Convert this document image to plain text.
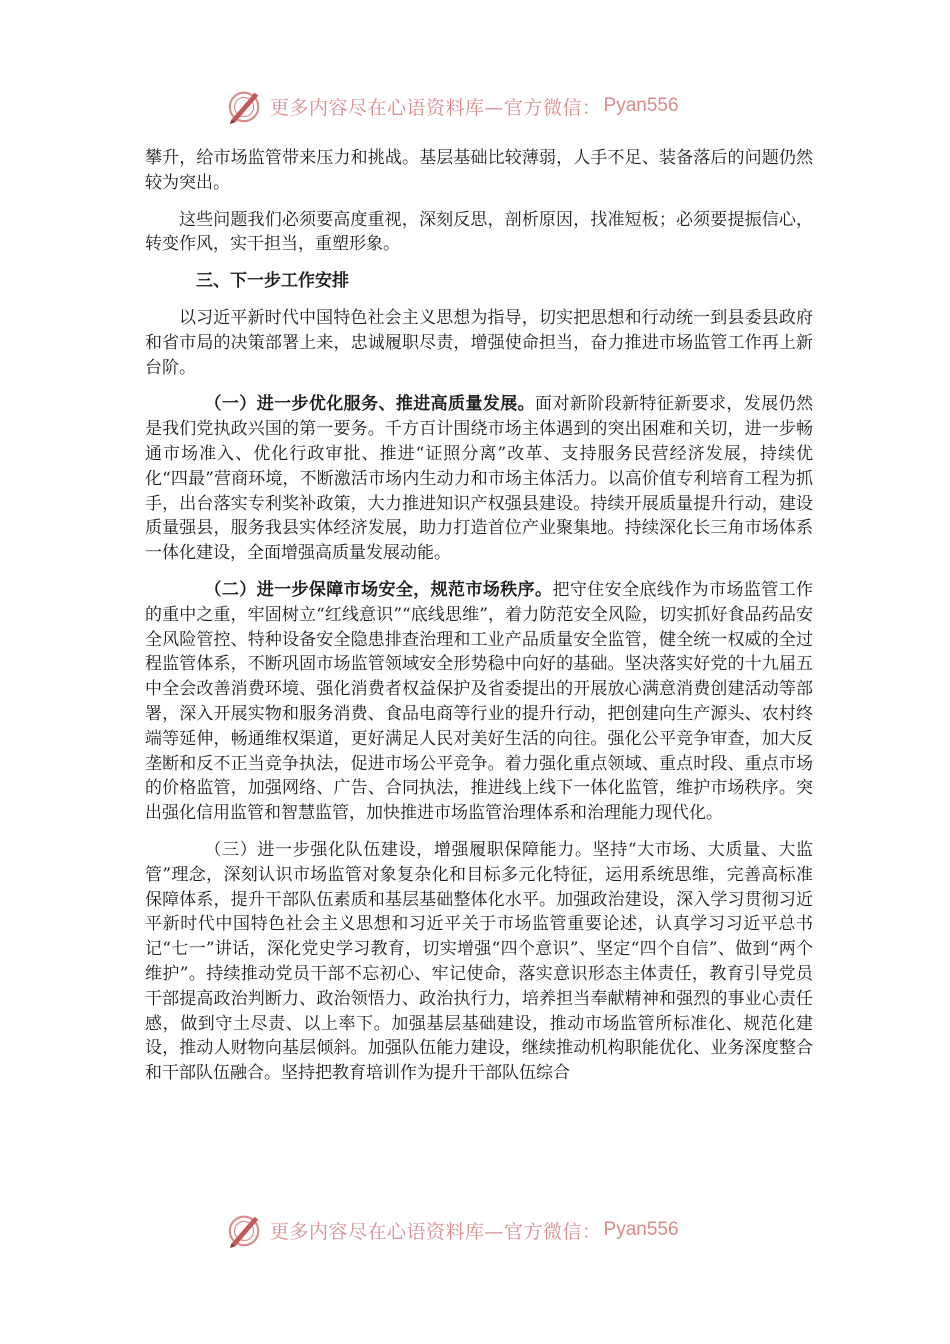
更多内容尽在心语资料库—官方微信： Pyan556

攀升，给市场监管带来压力和挑战。基层基础比较薄弱，人手不足、装备落后的问题仍然较为突出。

这些问题我们必须要高度重视，深刻反思，剖析原因，找准短板；必须要提振信心，转变作风，实干担当，重塑形象。

三、下一步工作安排

以习近平新时代中国特色社会主义思想为指导，切实把思想和行动统一到县委县政府和省市局的决策部署上来，忠诚履职尽责，增强使命担当，奋力推进市场监管工作再上新台阶。

（一）进一步优化服务、推进高质量发展。面对新阶段新特征新要求，发展仍然是我们党执政兴国的第一要务。千方百计围绕市场主体遇到的突出困难和关切，进一步畅通市场准入、优化行政审批、推进“证照分离”改革、支持服务民营经济发展，持续优化“四最”营商环境，不断激活市场内生动力和市场主体活力。以高价值专利培育工程为抓手，出台落实专利奖补政策，大力推进知识产权强县建设。持续开展质量提升行动，建设质量强县，服务我县实体经济发展，助力打造首位产业聚集地。持续深化长三角市场体系一体化建设，全面增强高质量发展动能。

（二）进一步保障市场安全，规范市场秩序。把守住安全底线作为市场监管工作的重中之重，牢固树立“红线意识”“底线思维”，着力防范安全风险，切实抓好食品药品安全风险管控、特种设备安全隐患排查治理和工业产品质量安全监管，健全统一权威的全过程监管体系，不断巩固市场监管领域安全形势稳中向好的基础。坚决落实好党的十九届五中全会改善消费环境、强化消费者权益保护及省委提出的开展放心满意消费创建活动等部署，深入开展实物和服务消费、食品电商等行业的提升行动，把创建向生产源头、农村终端等延伸，畅通维权渠道，更好满足人民对美好生活的向往。强化公平竞争审查，加大反垄断和反不正当竞争执法，促进市场公平竞争。着力强化重点领域、重点时段、重点市场的价格监管，加强网络、广告、合同执法，推进线上线下一体化监管，维护市场秩序。突出强化信用监管和智慧监管，加快推进市场监管治理体系和治理能力现代化。

（三）进一步强化队伍建设，增强履职保障能力。坚持“大市场、大质量、大监管”理念，深刻认识市场监管对象复杂化和目标多元化特征，运用系统思维，完善高标准保障体系，提升干部队伍素质和基层基础整体化水平。加强政治建设，深入学习贯彻习近平新时代中国特色社会主义思想和习近平关于市场监管重要论述，认真学习习近平总书记“七一”讲话，深化党史学习教育，切实增强“四个意识”、坚定“四个自信”、做到“两个维护”。持续推动党员干部不忘初心、牢记使命，落实意识形态主体责任，教育引导党员干部提高政治判断力、政治领悟力、政治执行力，培养担当奉献精神和强烈的事业心责任感，做到守土尽责、以上率下。加强基层基础建设，推动市场监管所标准化、规范化建设，推动人财物向基层倾斜。加强队伍能力建设，继续推动机构职能优化、业务深度整合和干部队伍融合。坚持把教育培训作为提升干部队伍综合

更多内容尽在心语资料库—官方微信： Pyan556
